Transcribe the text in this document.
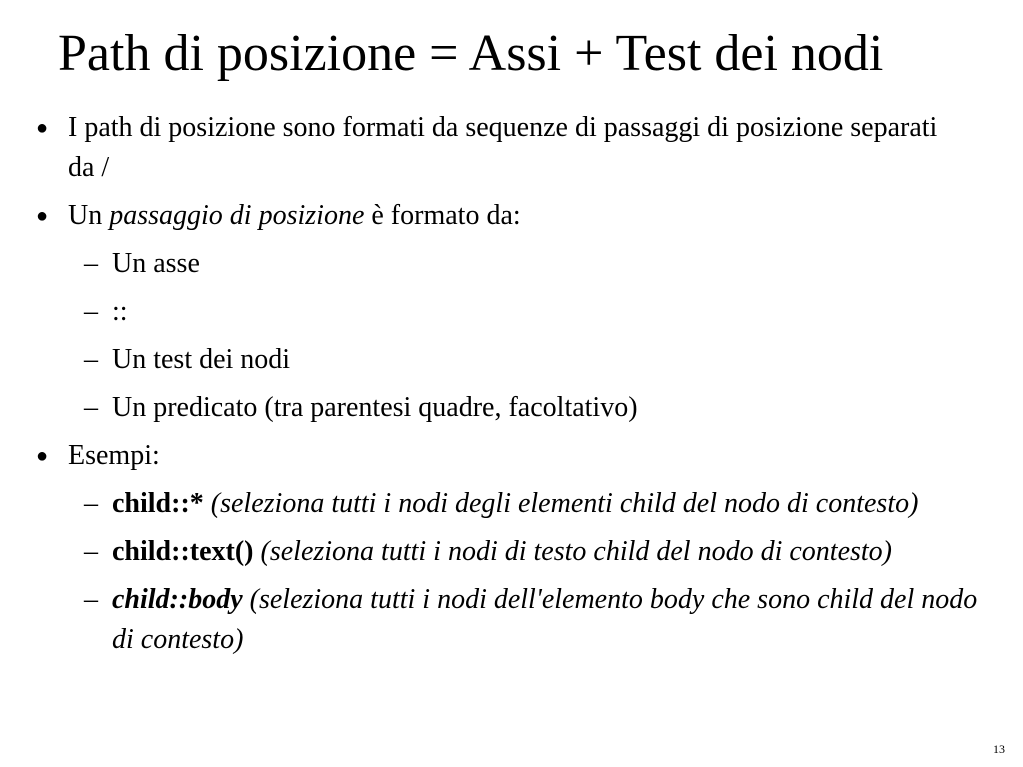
Path di posizione = Assi + Test dei nodi
● I path di posizione sono formati da sequenze di passaggi di posizione separati da /
● Un passaggio di posizione è formato da:
– Un asse
– ::
– Un test dei nodi
– Un predicato (tra parentesi quadre, facoltativo)
● Esempi:
– child::* (seleziona tutti i nodi degli elementi child del nodo di contesto)
– child::text() (seleziona tutti i nodi di testo child del nodo di contesto)
– child::body (seleziona tutti i nodi dell'elemento body che sono child del nodo di contesto)
13
